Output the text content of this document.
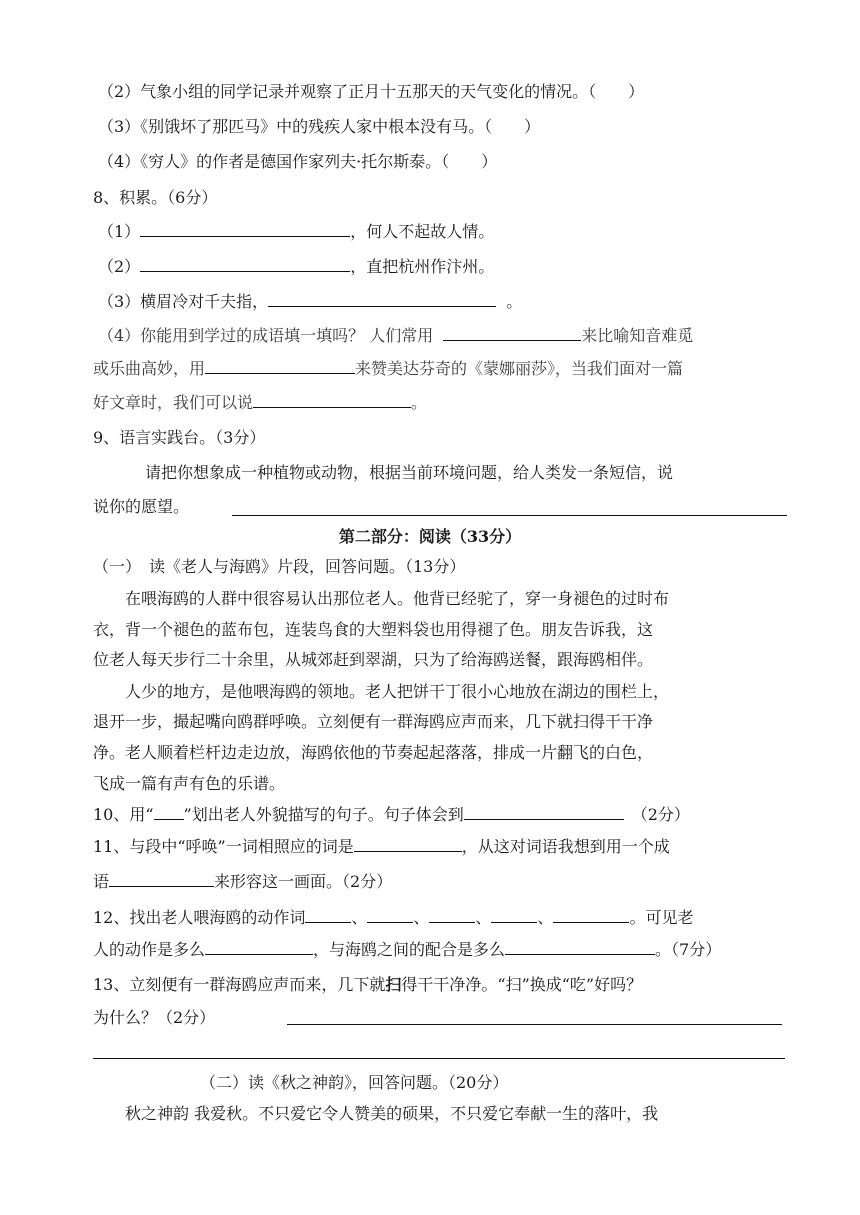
（2）气象小组的同学记录并观察了正月十五那天的天气变化的情况。（　　）
（3）《别饿坏了那匹马》中的残疾人家中根本没有马。（　　）
（4）《穷人》的作者是德国作家列夫·托尔斯泰。（　　）
8、积累。（6分）
（1）	，何人不起故人情。
（2）	，直把杭州作汴州。
（3）横眉冷对千夫指，	。
（4）你能用到学过的成语填一填吗？ 人们常用	来比喻知音难觅
或乐曲高妙，用	来赞美达芬奇的《蒙娜丽莎》，当我们面对一篇
好文章时，我们可以说	。
9、语言实践台。（3分）
请把你想象成一种植物或动物，根据当前环境问题，给人类发一条短信，说
说你的愿望。
第二部分：阅读（33分）
（一）　读《老人与海鸥》片段，回答问题。（13分）
在喂海鸥的人群中很容易认出那位老人。他背已经驼了，穿一身褪色的过时布
衣，背一个褪色的蓝布包，连装鸟食的大塑料袋也用得褪了色。朋友告诉我，这
位老人每天步行二十余里，从城郊赶到翠湖，只为了给海鸥送餐，跟海鸥相伴。
人少的地方，是他喂海鸥的领地。老人把饼干丁很小心地放在湖边的围栏上，
退开一步，撮起嘴向鸥群呼唤。立刻便有一群海鸥应声而来，几下就扫得干干净
净。老人顺着栏杆边走边放，海鸥依他的节奏起起落落，排成一片翻飞的白色，
飞成一篇有声有色的乐谱。
10、用“ ”划出老人外貌描写的句子。句子体会到	（2分）
11、与段中“呼唤”一词相照应的词是	，从这对词语我想到用一个成
语	来形容这一画面。（2分）
12、找出老人喂海鸥的动作词	、	、	、	、	。可见老
人的动作是多么	，与海鸥之间的配合是多么	。（7分）
13、立刻便有一群海鸥应声而来，几下就扫得干干净净。“扫”换成“吃”好吗？
为什么？（2分）
（二）读《秋之神韵》，回答问题。（20分）
秋之神韵 我爱秋。不只爱它令人赞美的硕果，不只爱它奉献一生的落叶，我
